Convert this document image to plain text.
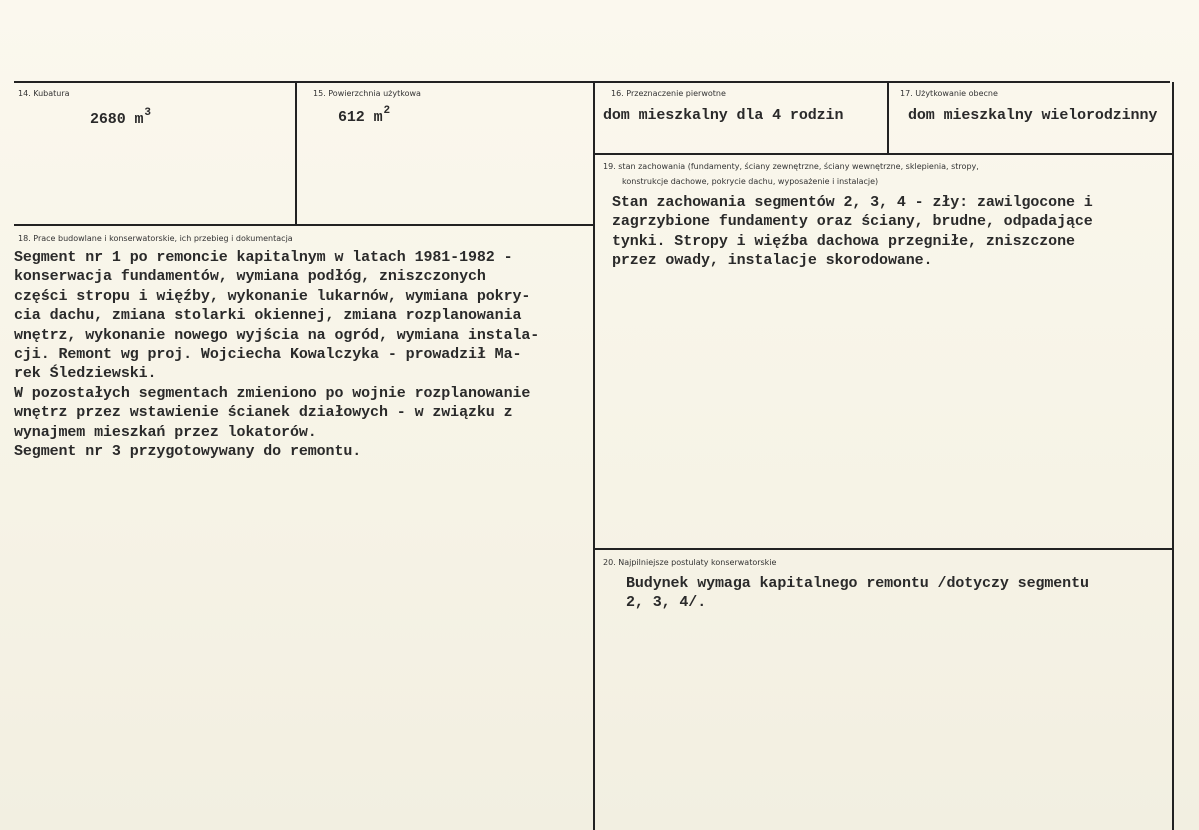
14. Kubatura
2680 $m^3$
15. Powierzchnia użytkowa
612 $m^2$
16. Przeznaczenie pierwotne
dom mieszkalny dla 4 rodzin
17. Użytkowanie obecne
dom mieszkalny wielorodzinny
18. Prace budowlane i konserwatorskie, ich przebieg i dokumentacja
Segment nr 1 po remoncie kapitalnym w latach 1981-1982 -
konserwacja fundamentów, wymiana podłóg, zniszczonych
części stropu i więźby, wykonanie lukarnów, wymiana pokry-
cia dachu, zmiana stolarki okiennej, zmiana rozplanowania
wnętrz, wykonanie nowego wyjścia na ogród, wymiana instala-
cji. Remont wg proj. Wojciecha Kowalczyka - prowadził Ma-
rek Śledziewski.
W pozostałych segmentach zmieniono po wojnie rozplanowanie
wnętrz przez wstawienie ścianek działowych - w związku z
wynajmem mieszkań przez lokatorów.
Segment nr 3 przygotowywany do remontu.
19. stan zachowania (fundamenty, ściany zewnętrzne, ściany wewnętrzne, sklepienia, stropy,
konstrukcje dachowe, pokrycie dachu, wyposażenie i instalacje)
Stan zachowania segmentów 2, 3, 4 - zły: zawilgocone i
zagrzybione fundamenty oraz ściany, brudne, odpadające
tynki. Stropy i więźba dachowa przegniłe, zniszczone
przez owady, instalacje skorodowane.
20. Najpilniejsze postulaty konserwatorskie
Budynek wymaga kapitalnego remontu /dotyczy segmentu
2, 3, 4/.
